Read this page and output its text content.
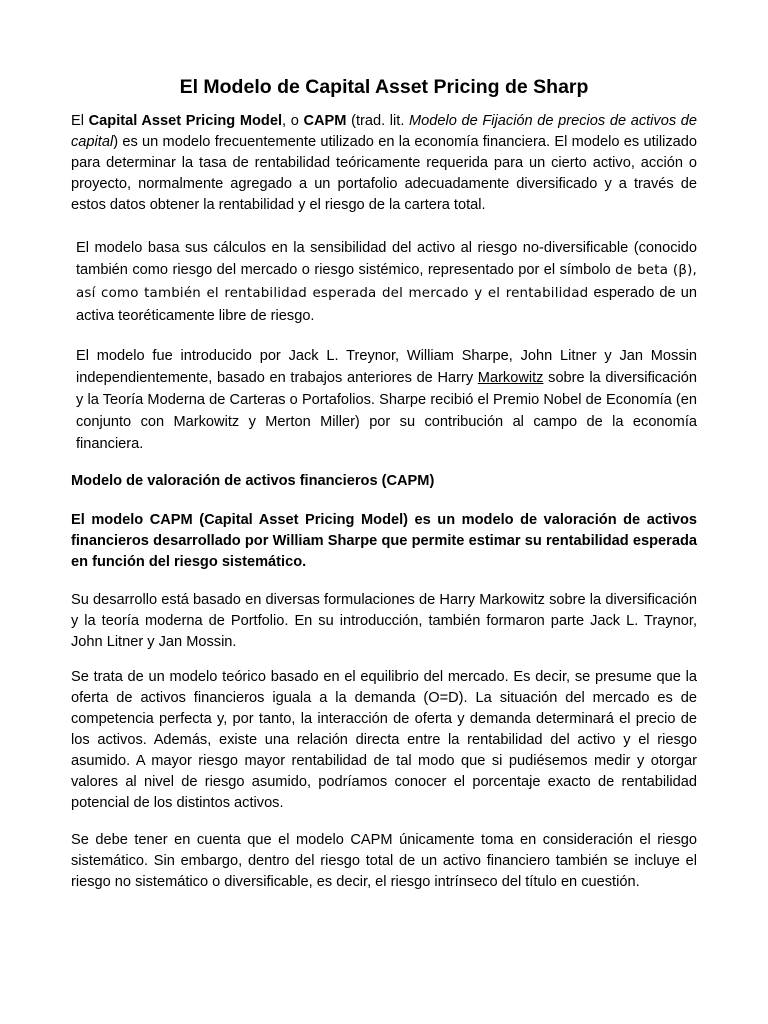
El Modelo de Capital Asset Pricing de Sharp

El Capital Asset Pricing Model, o CAPM (trad. lit. Modelo de Fijación de precios de activos de capital) es un modelo frecuentemente utilizado en la economía financiera. El modelo es utilizado para determinar la tasa de rentabilidad teóricamente requerida para un cierto activo, acción o proyecto, normalmente agregado a un portafolio adecuadamente diversificado y a través de estos datos obtener la rentabilidad y el riesgo de la cartera total.

El modelo basa sus cálculos en la sensibilidad del activo al riesgo no-diversificable (conocido también como riesgo del mercado o riesgo sistémico, representado por el símbolo de beta (β), así como también el rentabilidad esperada del mercado y el rentabilidad esperado de un activa teoréticamente libre de riesgo.

El modelo fue introducido por Jack L. Treynor, William Sharpe, John Litner y Jan Mossin independientemente, basado en trabajos anteriores de Harry Markowitz sobre la diversificación y la Teoría Moderna de Carteras o Portafolios. Sharpe recibió el Premio Nobel de Economía (en conjunto con Markowitz y Merton Miller) por su contribución al campo de la economía financiera.

Modelo de valoración de activos financieros (CAPM)

El modelo CAPM (Capital Asset Pricing Model) es un modelo de valoración de activos financieros desarrollado por William Sharpe que permite estimar su rentabilidad esperada en función del riesgo sistemático.

Su desarrollo está basado en diversas formulaciones de Harry Markowitz sobre la diversificación y la teoría moderna de Portfolio. En su introducción, también formaron parte Jack L. Traynor, John Litner y Jan Mossin.

Se trata de un modelo teórico basado en el equilibrio del mercado. Es decir, se presume que la oferta de activos financieros iguala a la demanda (O=D). La situación del mercado es de competencia perfecta y, por tanto, la interacción de oferta y demanda determinará el precio de los activos. Además, existe una relación directa entre la rentabilidad del activo y el riesgo asumido. A mayor riesgo mayor rentabilidad de tal modo que si pudiésemos medir y otorgar valores al nivel de riesgo asumido, podríamos conocer el porcentaje exacto de rentabilidad potencial de los distintos activos.

Se debe tener en cuenta que el modelo CAPM únicamente toma en consideración el riesgo sistemático. Sin embargo, dentro del riesgo total de un activo financiero también se incluye el riesgo no sistemático o diversificable, es decir, el riesgo intrínseco del título en cuestión.
